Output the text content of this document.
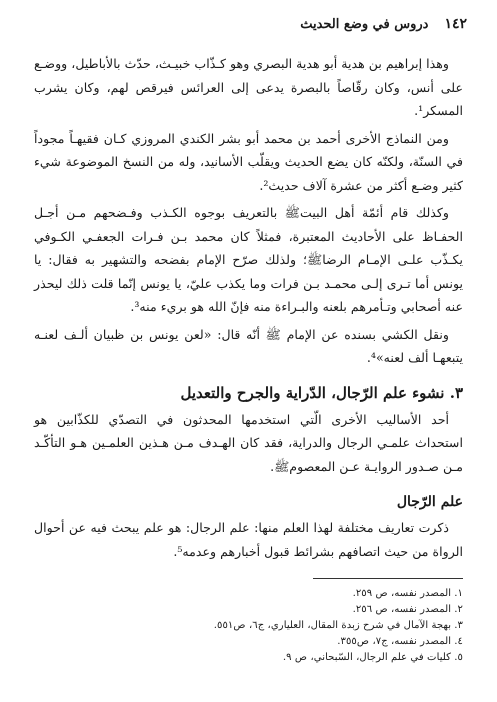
١٤٢
دروس في وضع الحديث

وهذا إبراهيم بن هدية أبو هدية البصري وهو كـذّاب خبيـث، حدّث بالأباطيل، ووضـع على أنس، وكان رقّاصاً بالبصرة يدعى إلى العرائس فيرقص لهم، وكان يشرب المسكر¹.

ومن النماذج الأخرى أحمد بن محمد أبو بشر الكندي المروزي كـان فقيهـاً مجوداً في السنّة، ولكنّه كان يضع الحديث ويقلّب الأسانيد، وله من النسخ الموضوعة شيء كثير وضـع أكثر من عشرة آلاف حديث².

وكذلك قام أئمّة أهل البيتﷺ بالتعريف بوجوه الكـذب وفـضحهم مـن أجـل الحفـاظ على الأحاديث المعتبرة، فمثلاً كان محمد بـن فـرات الجعفـي الكـوفي يكـذّب علـى الإمـام الرضاﷺ؛ ولذلك صرّح الإمام بفضحه والتشهير به فقال: يا يونس أما تـرى إلـى محمـد بـن فرات وما يكذب عليّ، يا يونس إنّما قلت ذلك ليحذر عنه أصحابي وتـأمرهم بلعنه والبـراءة منه فإنّ الله هو بريء منه³.

ونقل الكشي بسنده عن الإمام ﷺ أنّه قال: «لعن يونس بن ظبيان ألـف لعنـه يتبعهـا ألف لعنه»⁴.

٣. نشوء علم الرّجال، الدّراية والجرح والتعديل

أحد الأساليب الأخرى الّتي استخدمها المحدثون في التصدّي للكذّابين هو استحداث علمـي الرجال والدراية، فقد كان الهـدف مـن هـذين العلمـين هـو التأكّـد مـن صـدور الروايـة عـن المعصومﷺ.

علم الرّجال

ذكرت تعاريف مختلفة لهذا العلم منها: علم الرجال: هو علم يبحث فيه عن أحوال الرواة من حيث اتصافهم بشرائط قبول أخبارهم وعدمه⁵.

١. المصدر نفسه، ص ٢٥٩.
٢. المصدر نفسه، ص ٢٥٦.
٣. بهجة الآمال في شرح زبدة المقال، العلياري، ج٦، ص٥٥١.
٤. المصدر نفسه، ج٧، ص٣٥٥.
٥. كليات في علم الرجال، السّبحاني، ص ٩.
